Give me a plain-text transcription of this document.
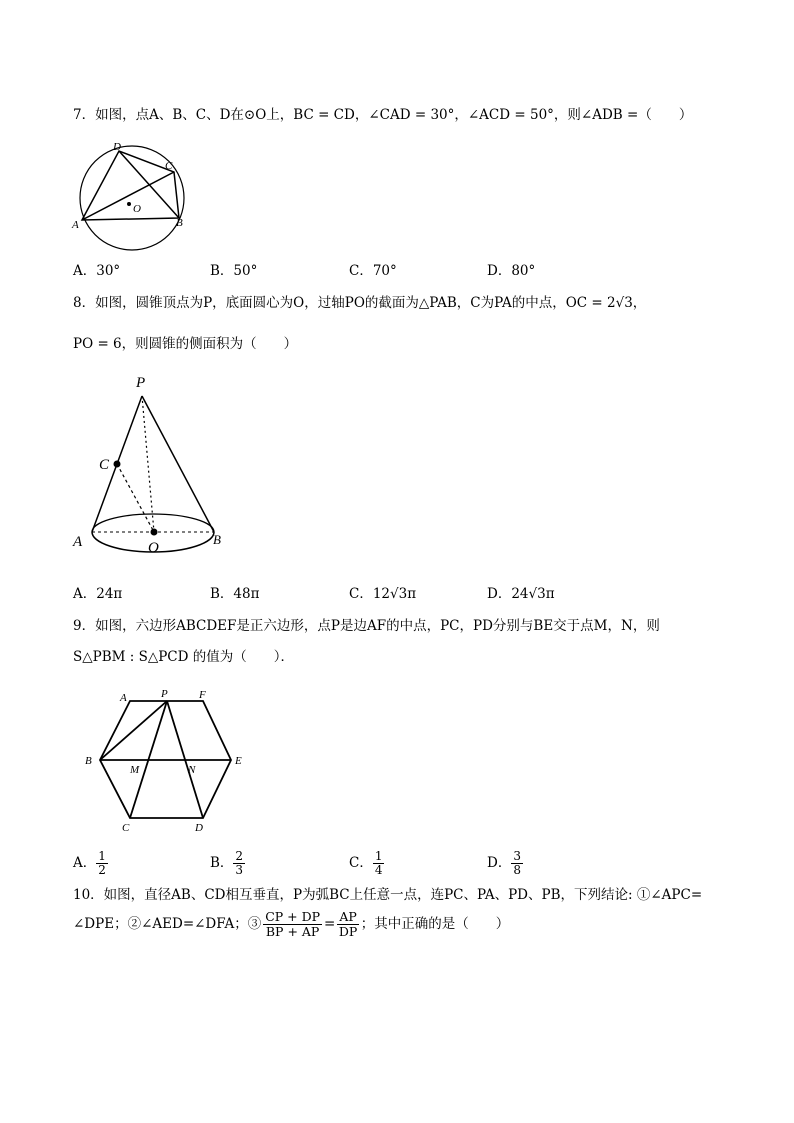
7．如图，点A、B、C、D在⊙O上，BC = CD，∠CAD = 30°，∠ACD = 50°，则∠ADB =（　　）
D
C
A
O
B
A．30°	B．50°	C．70°	D．80°
8．如图，圆锥顶点为P，底面圆心为O，过轴PO的截面为△PAB，C为PA的中点，OC = 2√3，
PO = 6，则圆锥的侧面积为（　　）
P
C
A	O
B
A．24π	B．48π	C．12√3π	D．24√3π
9．如图，六边形ABCDEF是正六边形，点P是边AF的中点，PC，PD分别与BE交于点M，N，则
S△PBM : S△PCD 的值为（　　）．
A	P	F
B
M	N
E
C	D
A． $\frac{1}{2}$	B． $\frac{2}{3}$	C． $\frac{1}{4}$	D． $\frac{3}{8}$
10．如图，直径AB、CD相互垂直，P为弧BC上任意一点，连PC、PA、PD、PB，下列结论: ①∠APC=
∠DPE；②∠AED=∠DFA；③ $\frac{CP + DP}{BP + AP} = \frac{AP}{DP}$ ；其中正确的是（　　）
